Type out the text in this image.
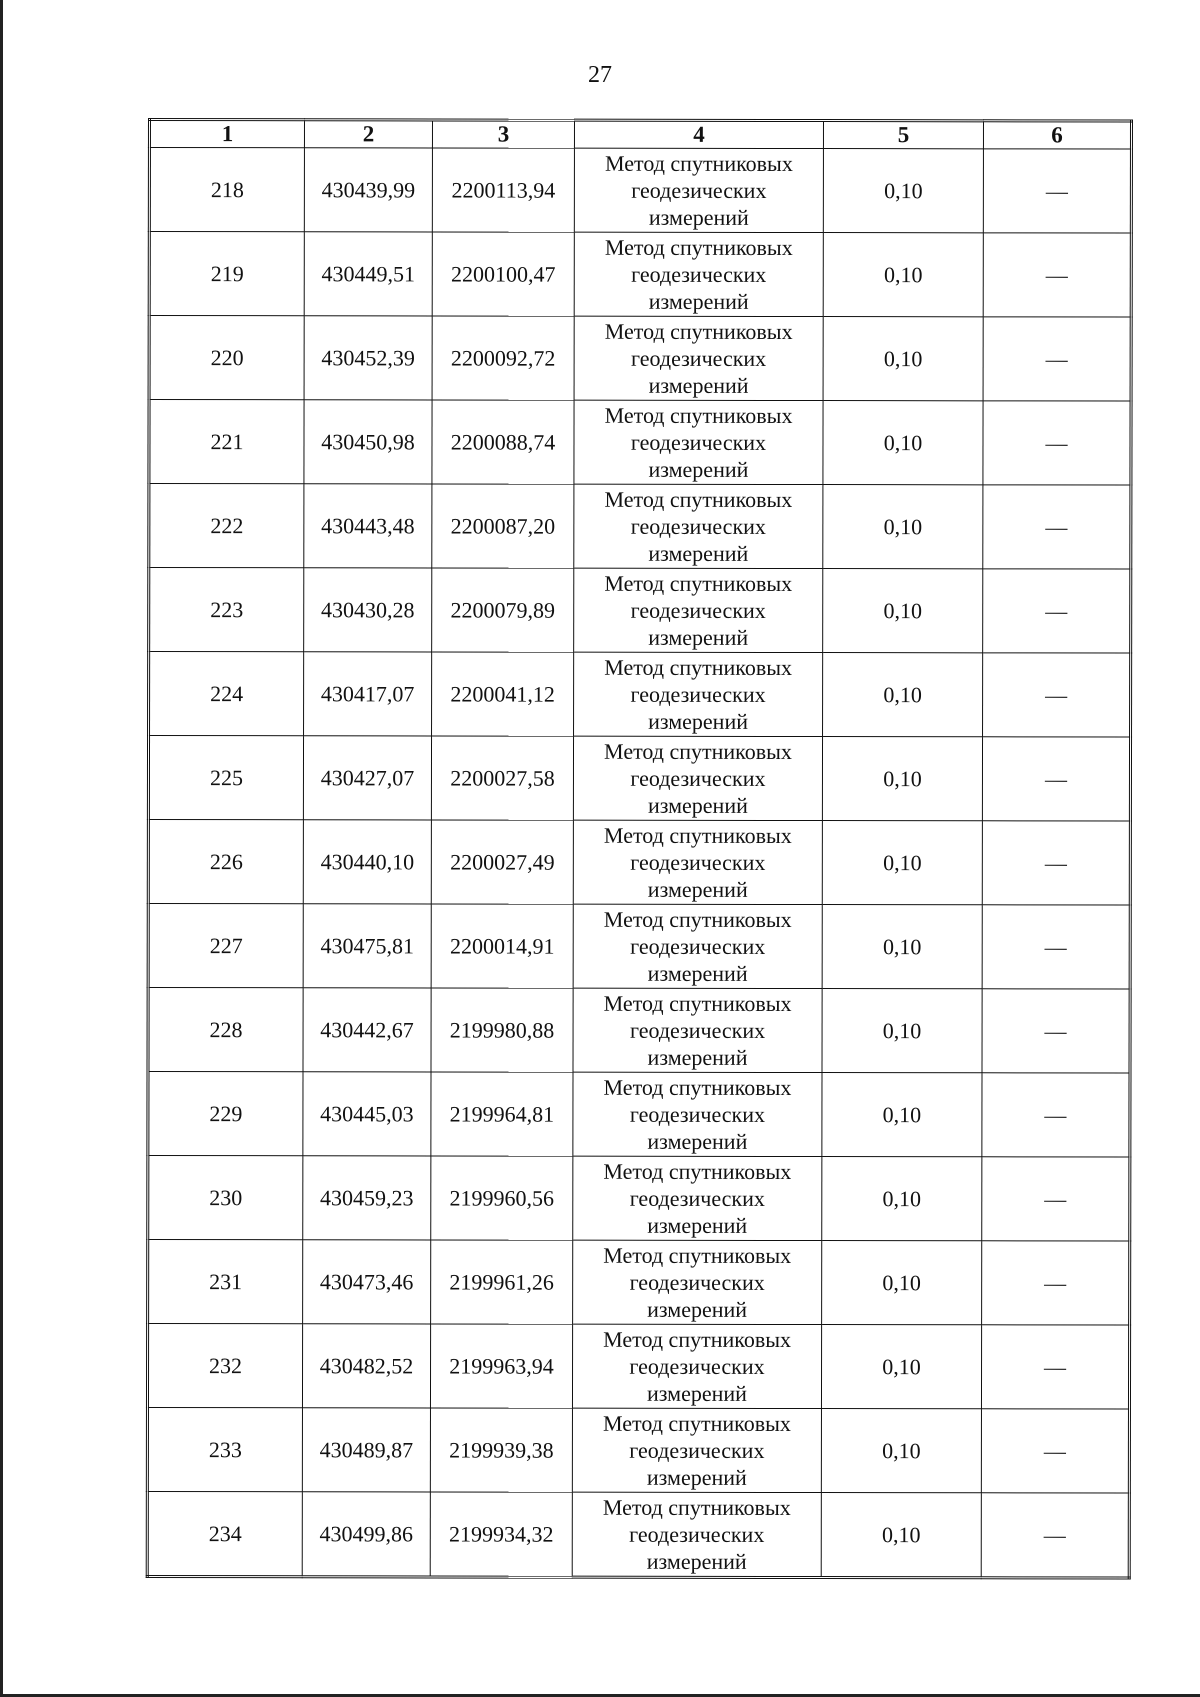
27
1	2	3	4	5	6
218	430439,99	2200113,94	Метод спутниковых
геодезических
измерений	0,10	—
219	430449,51	2200100,47	Метод спутниковых
геодезических
измерений	0,10	—
220	430452,39	2200092,72	Метод спутниковых
геодезических
измерений	0,10	—
221	430450,98	2200088,74	Метод спутниковых
геодезических
измерений	0,10	—
222	430443,48	2200087,20	Метод спутниковых
геодезических
измерений	0,10	—
223	430430,28	2200079,89	Метод спутниковых
геодезических
измерений	0,10	—
224	430417,07	2200041,12	Метод спутниковых
геодезических
измерений	0,10	—
225	430427,07	2200027,58	Метод спутниковых
геодезических
измерений	0,10	—
226	430440,10	2200027,49	Метод спутниковых
геодезических
измерений	0,10	—
227	430475,81	2200014,91	Метод спутниковых
геодезических
измерений	0,10	—
228	430442,67	2199980,88	Метод спутниковых
геодезических
измерений	0,10	—
229	430445,03	2199964,81	Метод спутниковых
геодезических
измерений	0,10	—
230	430459,23	2199960,56	Метод спутниковых
геодезических
измерений	0,10	—
231	430473,46	2199961,26	Метод спутниковых
геодезических
измерений	0,10	—
232	430482,52	2199963,94	Метод спутниковых
геодезических
измерений	0,10	—
233	430489,87	2199939,38	Метод спутниковых
геодезических
измерений	0,10	—
234	430499,86	2199934,32	Метод спутниковых
геодезических
измерений	0,10	—
